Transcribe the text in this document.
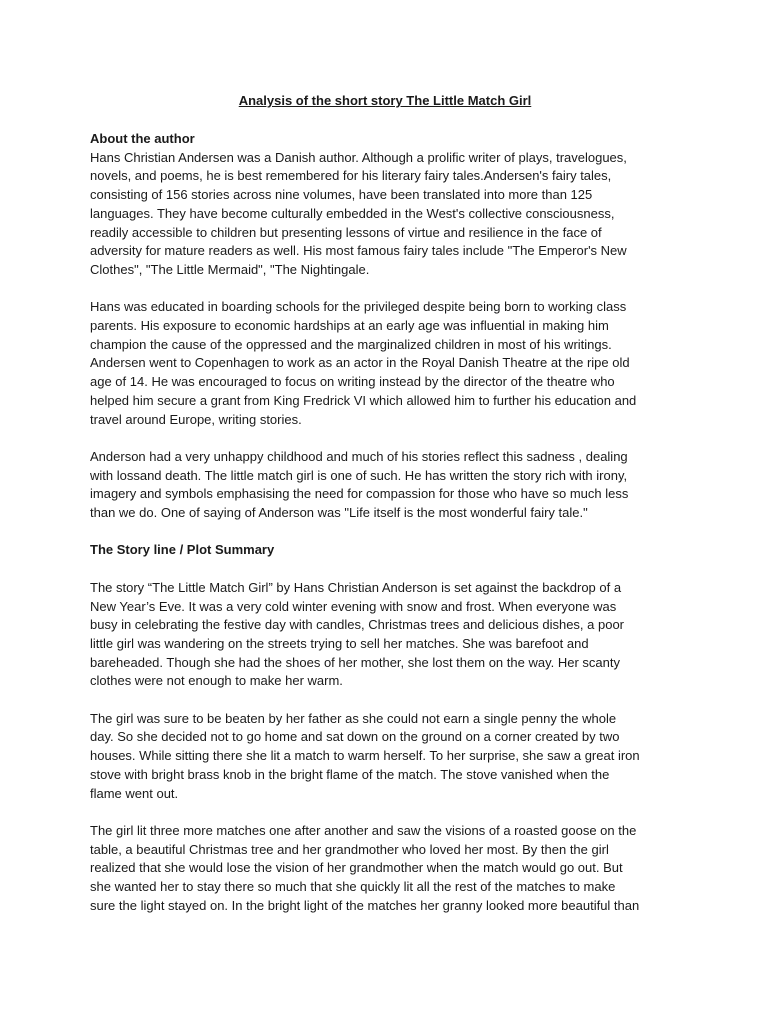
Analysis of the short story The Little Match Girl
About the author

Hans Christian Andersen was a Danish author. Although a prolific writer of plays, travelogues,
novels, and poems, he is best remembered for his literary fairy tales.Andersen's fairy tales,
consisting of 156 stories across nine volumes, have been translated into more than 125
languages. They have become culturally embedded in the West's collective consciousness,
readily accessible to children but presenting lessons of virtue and resilience in the face of
adversity for mature readers as well. His most famous fairy tales include "The Emperor's New
Clothes", "The Little Mermaid", "The Nightingale.

Hans was educated in boarding schools for the privileged despite being born to working class
parents. His exposure to economic hardships at an early age was influential in making him
champion the cause of the oppressed and the marginalized children in most of his writings.
Andersen went to Copenhagen to work as an actor in the Royal Danish Theatre at the ripe old
age of 14. He was encouraged to focus on writing instead by the director of the theatre who
helped him secure a grant from King Fredrick VI which allowed him to further his education and
travel around Europe, writing stories.

Anderson had a very unhappy childhood and much of his stories reflect this sadness , dealing
with lossand death. The little match girl is one of such. He has written the story rich with irony,
imagery and symbols emphasising the need for compassion for those who have so much less
than we do. One of saying of Anderson was "Life itself is the most wonderful fairy tale."

The Story line / Plot Summary

The story “The Little Match Girl” by Hans Christian Anderson is set against the backdrop of a
New Year’s Eve. It was a very cold winter evening with snow and frost. When everyone was
busy in celebrating the festive day with candles, Christmas trees and delicious dishes, a poor
little girl was wandering on the streets trying to sell her matches. She was barefoot and
bareheaded. Though she had the shoes of her mother, she lost them on the way. Her scanty
clothes were not enough to make her warm.

The girl was sure to be beaten by her father as she could not earn a single penny the whole
day. So she decided not to go home and sat down on the ground on a corner created by two
houses. While sitting there she lit a match to warm herself. To her surprise, she saw a great iron
stove with bright brass knob in the bright flame of the match. The stove vanished when the
flame went out.

The girl lit three more matches one after another and saw the visions of a roasted goose on the
table, a beautiful Christmas tree and her grandmother who loved her most. By then the girl
realized that she would lose the vision of her grandmother when the match would go out. But
she wanted her to stay there so much that she quickly lit all the rest of the matches to make
sure the light stayed on. In the bright light of the matches her granny looked more beautiful than
